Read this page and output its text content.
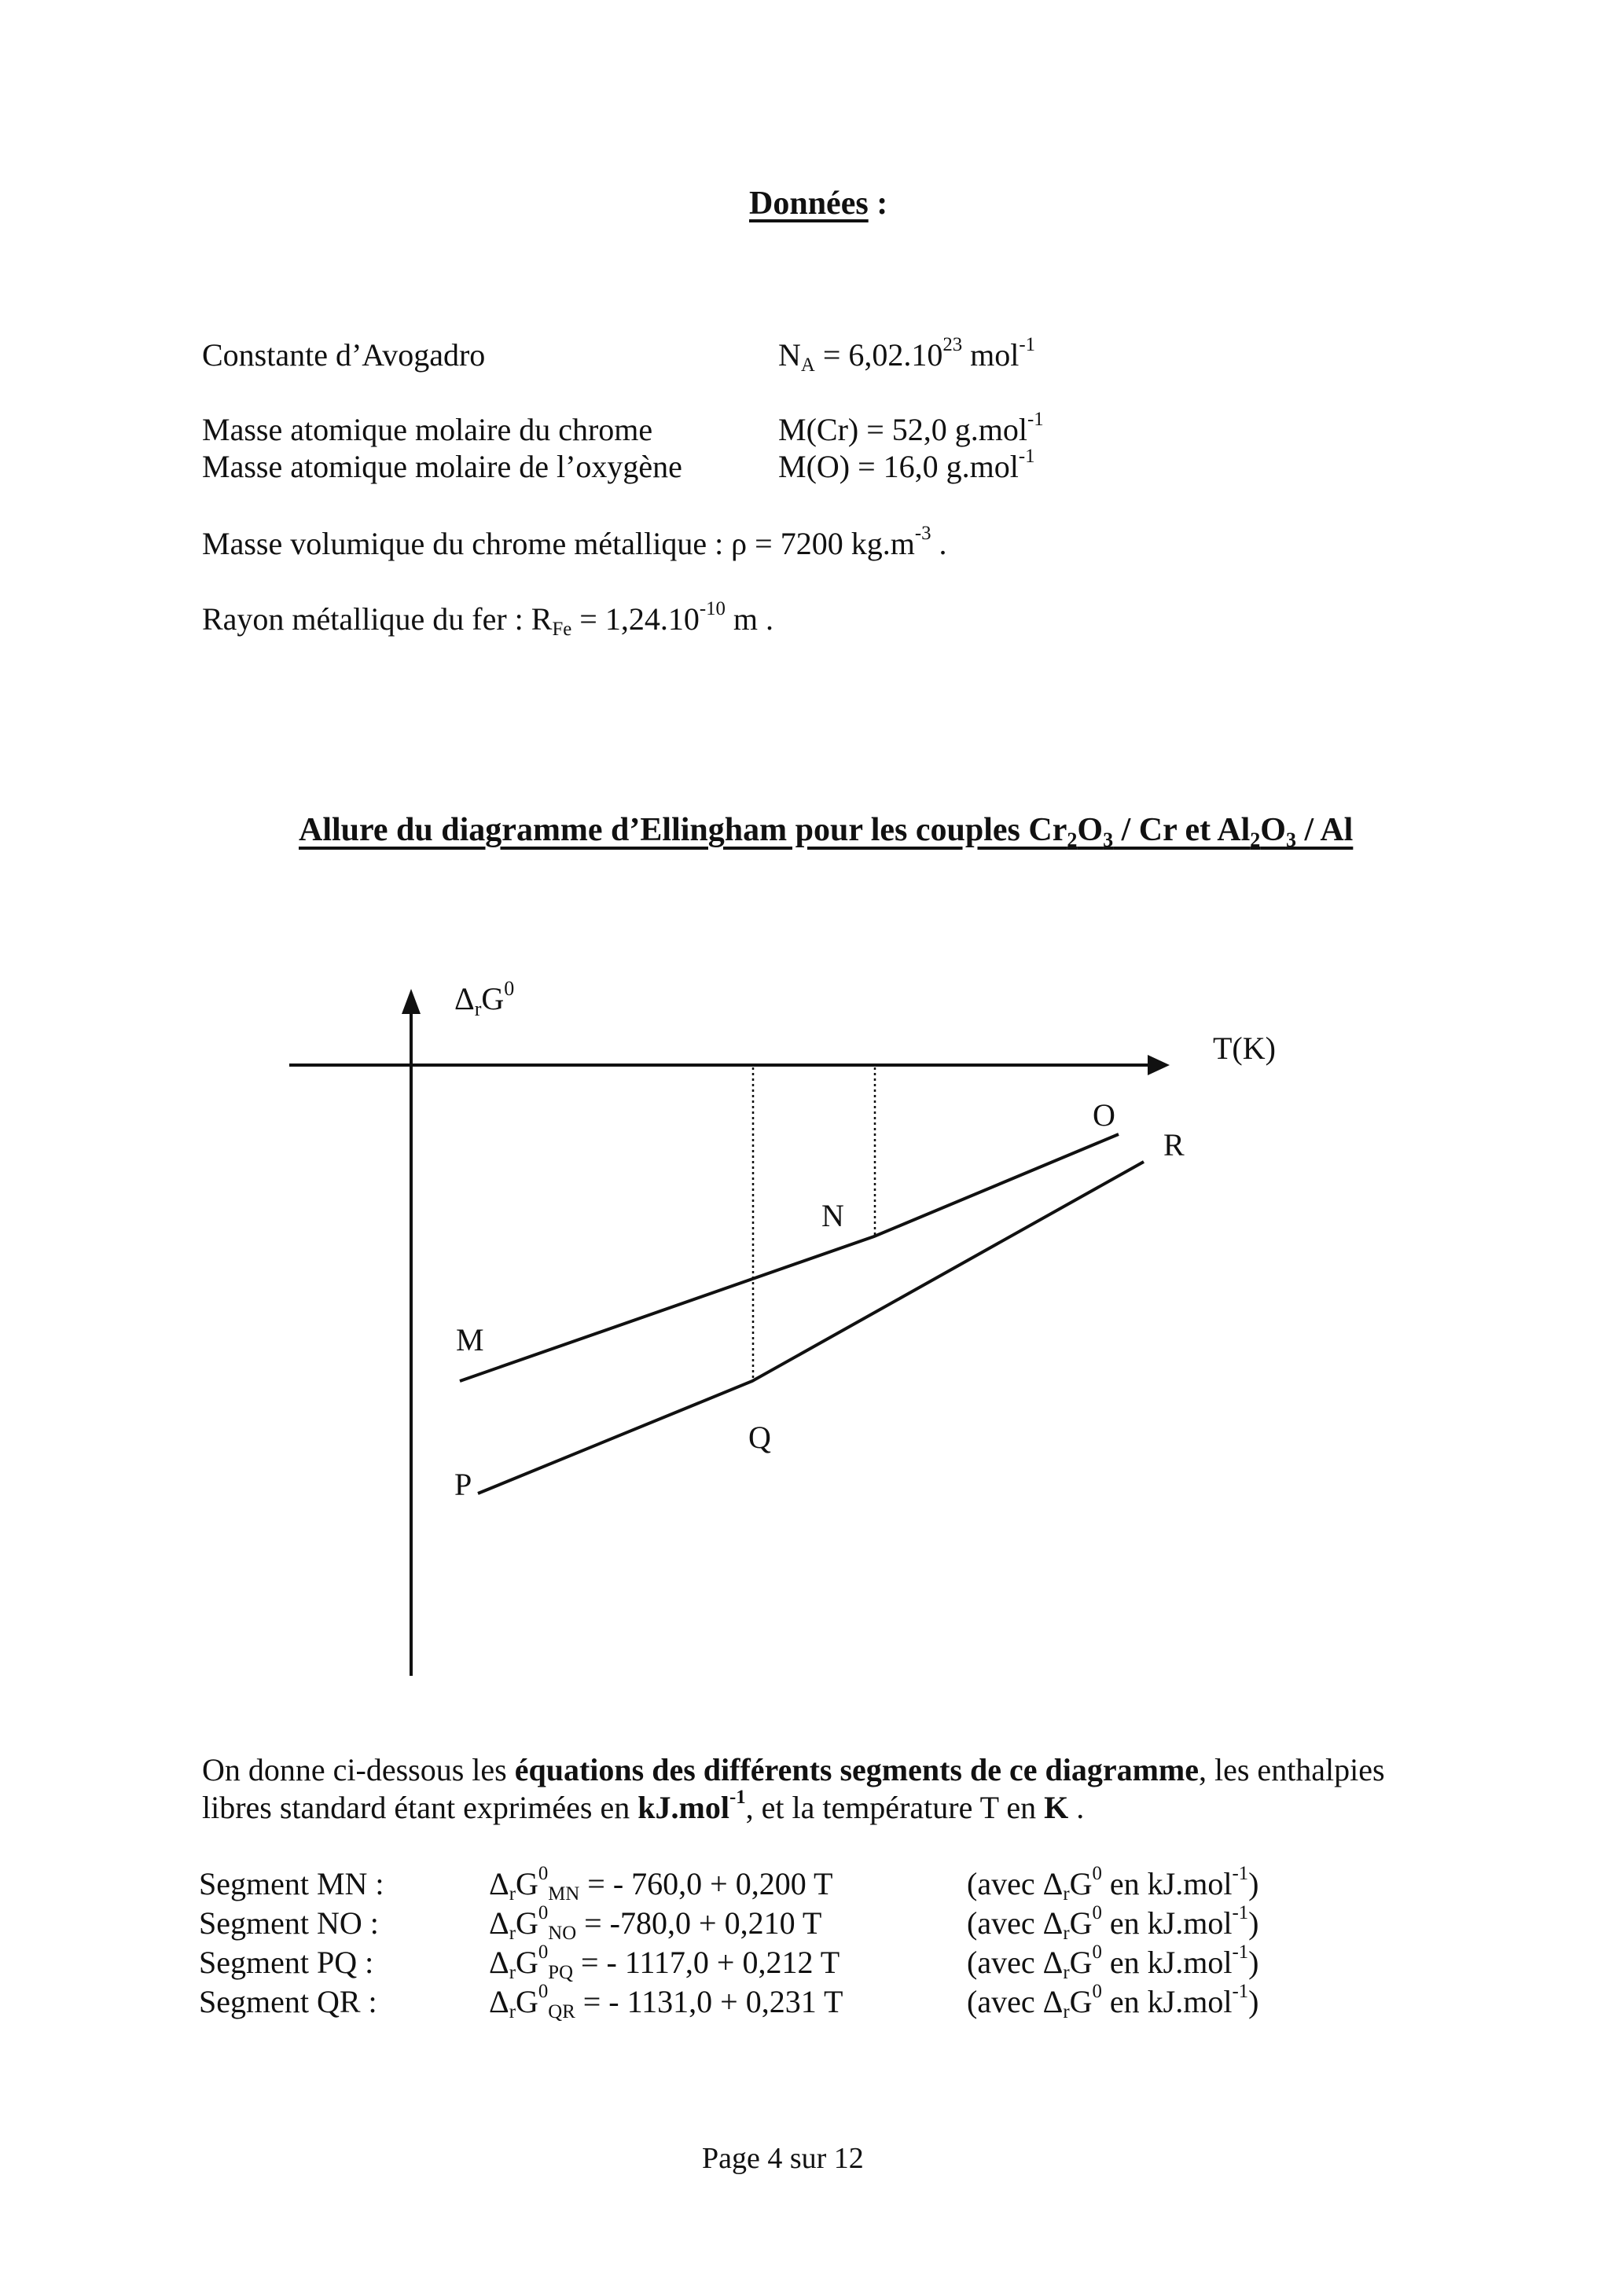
Données :
Constante d’Avogadro	$N_A = 6,02.10^{23}$ mol$^{-1}$
Masse atomique molaire du chrome	M(Cr) = 52,0 g.mol$^{-1}$
Masse atomique molaire de l’oxygène	M(O) = 16,0 g.mol$^{-1}$
Masse volumique du chrome métallique : ρ = 7200 $kg.m^{-3}$ .
Rayon métallique du fer : $R_{Fe} = 1,24.10^{-10}$ m .
Allure du diagramme d’Ellingham pour les couples $Cr_2O_3$ / Cr et $Al_2O_3$ / Al
$\Delta_rG^0$
T(K)
M
N
O
R
Q
P
On donne ci-dessous les équations des différents segments de ce diagramme, les enthalpies
libres standard étant exprimées en kJ.mol$^{-1}$, et la température T en K .
Segment MN :	$\Delta_rG^0_{MN}$ = - 760,0 + 0,200 T	(avec $\Delta_rG^0$ en kJ.mol$^{-1}$)
Segment NO :	$\Delta_rG^0_{NO} = -780,0 + 0,210$ T	(avec $\Delta_rG^0$ en kJ.mol$^{-1}$)
Segment PQ :	$\Delta_rG^0_{PQ}$ = - 1117,0 + 0,212 T	(avec $\Delta_rG^0$ en kJ.mol$^{-1}$)
Segment QR :	$\Delta_rG^0_{QR}$ = - 1131,0 + 0,231 T	(avec $\Delta_rG^0$ en kJ.mol$^{-1}$)
Page 4 sur 12
